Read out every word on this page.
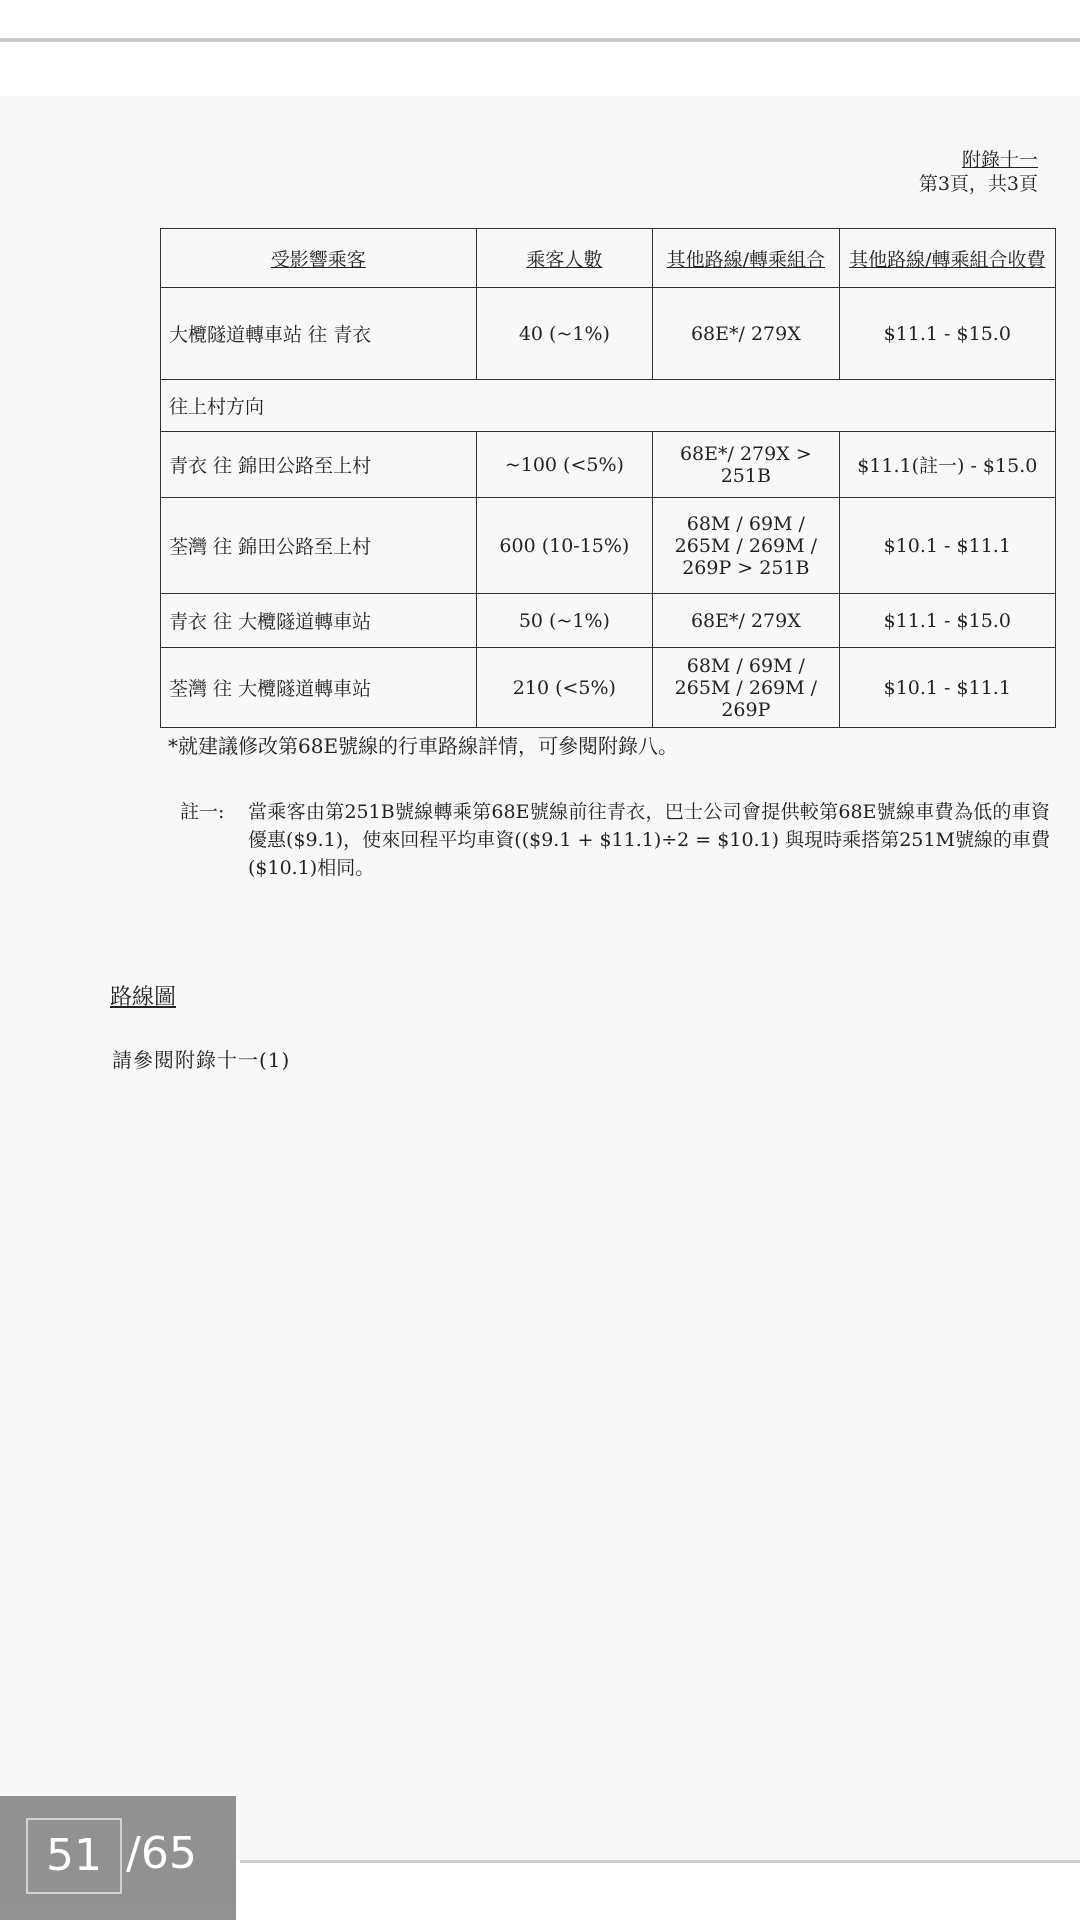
附錄十一
第3頁，共3頁
受影響乘客	乘客人數	其他路線/轉乘組合	其他路線/轉乘組合收費
大欖隧道轉車站 往 青衣	40 (~1%)	68E*/ 279X	$11.1 - $15.0
往上村方向			
青衣 往 錦田公路至上村	~100 (<5%)	68E*/ 279X > 251B	$11.1(註一) - $15.0
荃灣 往 錦田公路至上村	600 (10-15%)	68M / 69M / 265M / 269M / 269P > 251B	$10.1 - $11.1
青衣 往 大欖隧道轉車站	50 (~1%)	68E*/ 279X	$11.1 - $15.0
荃灣 往 大欖隧道轉車站	210 (<5%)	68M / 69M / 265M / 269M / 269P	$10.1 - $11.1
*就建議修改第68E號線的行車路線詳情，可參閱附錄八。
註一: 當乘客由第251B號線轉乘第68E號線前往青衣，巴士公司會提供較第68E號線車費為低的車資優惠($9.1)，使來回程平均車資(($9.1 + $11.1)÷2 = $10.1) 與現時乘搭第251M號線的車費 ($10.1)相同。
路線圖
請參閱附錄十一(1)
51 /65
